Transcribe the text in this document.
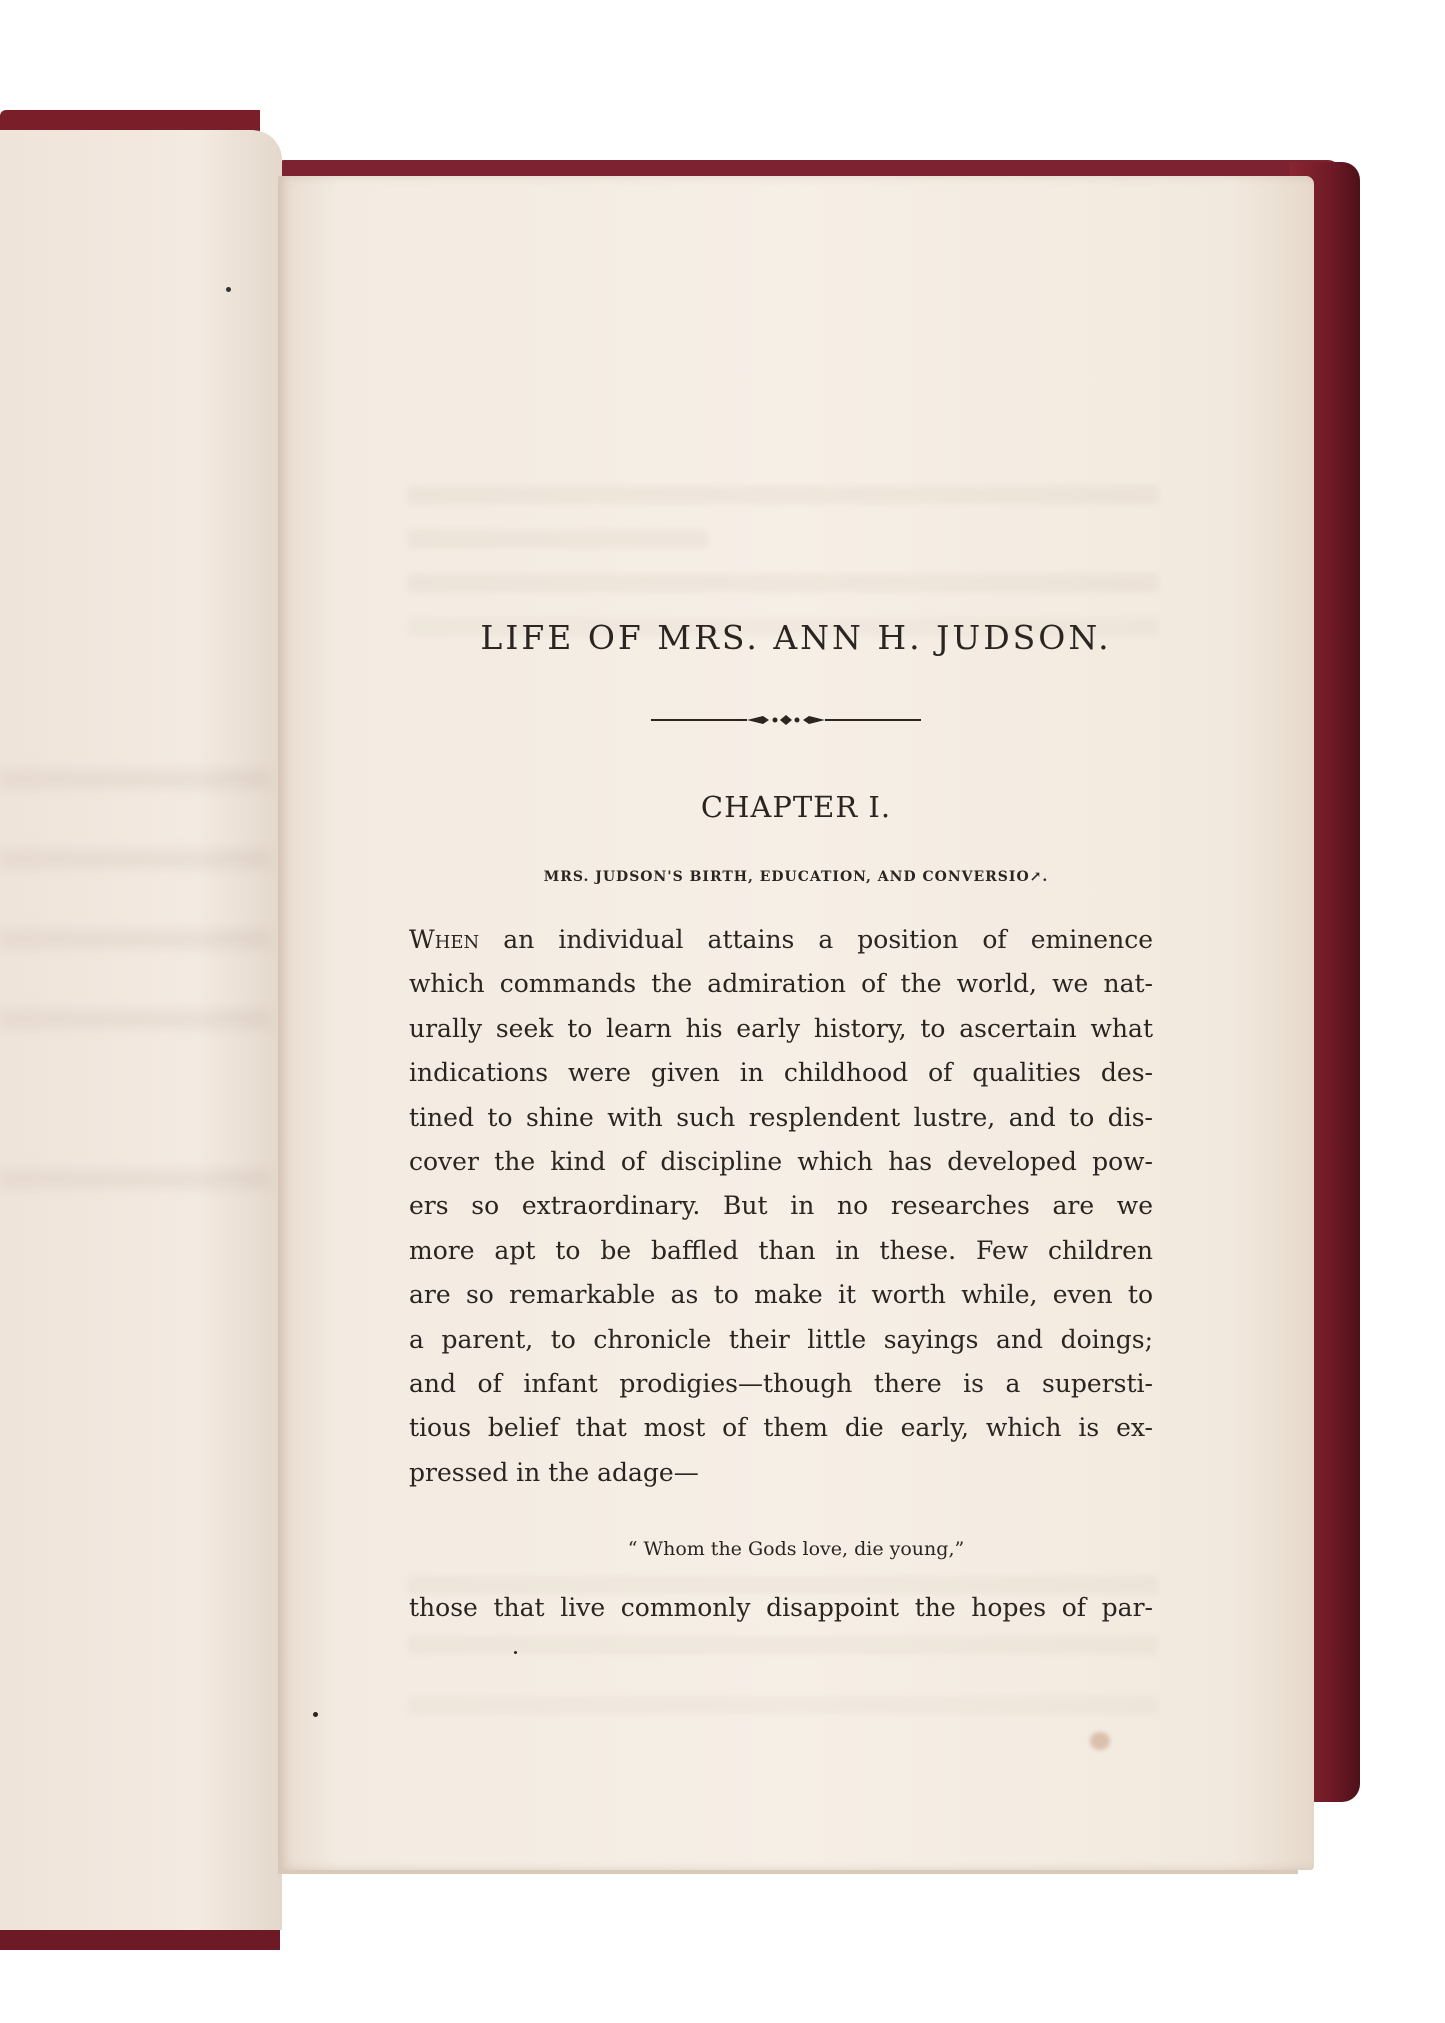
LIFE OF MRS. ANN H. JUDSON.
CHAPTER I.
MRS. JUDSON'S BIRTH, EDUCATION, AND CONVERSIO↗.
When an individual attains a position of eminence
which commands the admiration of the world, we nat-
urally seek to learn his early history, to ascertain what
indications were given in childhood of qualities des-
tined to shine with such resplendent lustre, and to dis-
cover the kind of discipline which has developed pow-
ers so extraordinary. But in no researches are we
more apt to be baffled than in these. Few children
are so remarkable as to make it worth while, even to
a parent, to chronicle their little sayings and doings;
and of infant prodigies—though there is a supersti-
tious belief that most of them die early, which is ex-
pressed in the adage—
“ Whom the Gods love, die young,”
those that live commonly disappoint the hopes of par-
